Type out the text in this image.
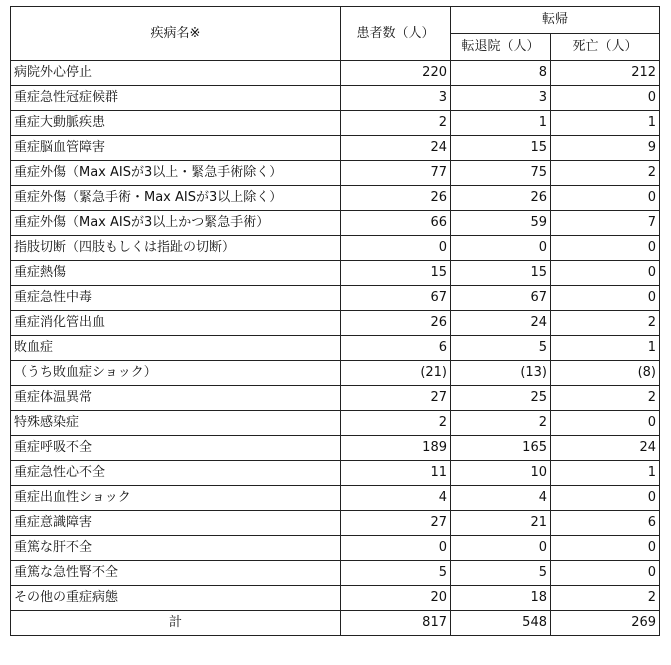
疾病名※	患者数（人）	転帰	
		転退院（人）	死亡（人）
病院外心停止	220	8	212
重症急性冠症候群	3	3	0
重症大動脈疾患	2	1	1
重症脳血管障害	24	15	9
重症外傷（Max AISが3以上・緊急手術除く）	77	75	2
重症外傷（緊急手術・Max AISが3以上除く）	26	26	0
重症外傷（Max AISが3以上かつ緊急手術）	66	59	7
指肢切断（四肢もしくは指趾の切断）	0	0	0
重症熱傷	15	15	0
重症急性中毒	67	67	0
重症消化管出血	26	24	2
敗血症	6	5	1
（うち敗血症ショック）	(21)	(13)	(8)
重症体温異常	27	25	2
特殊感染症	2	2	0
重症呼吸不全	189	165	24
重症急性心不全	11	10	1
重症出血性ショック	4	4	0
重症意識障害	27	21	6
重篤な肝不全	0	0	0
重篤な急性腎不全	5	5	0
その他の重症病態	20	18	2
計	817	548	269
